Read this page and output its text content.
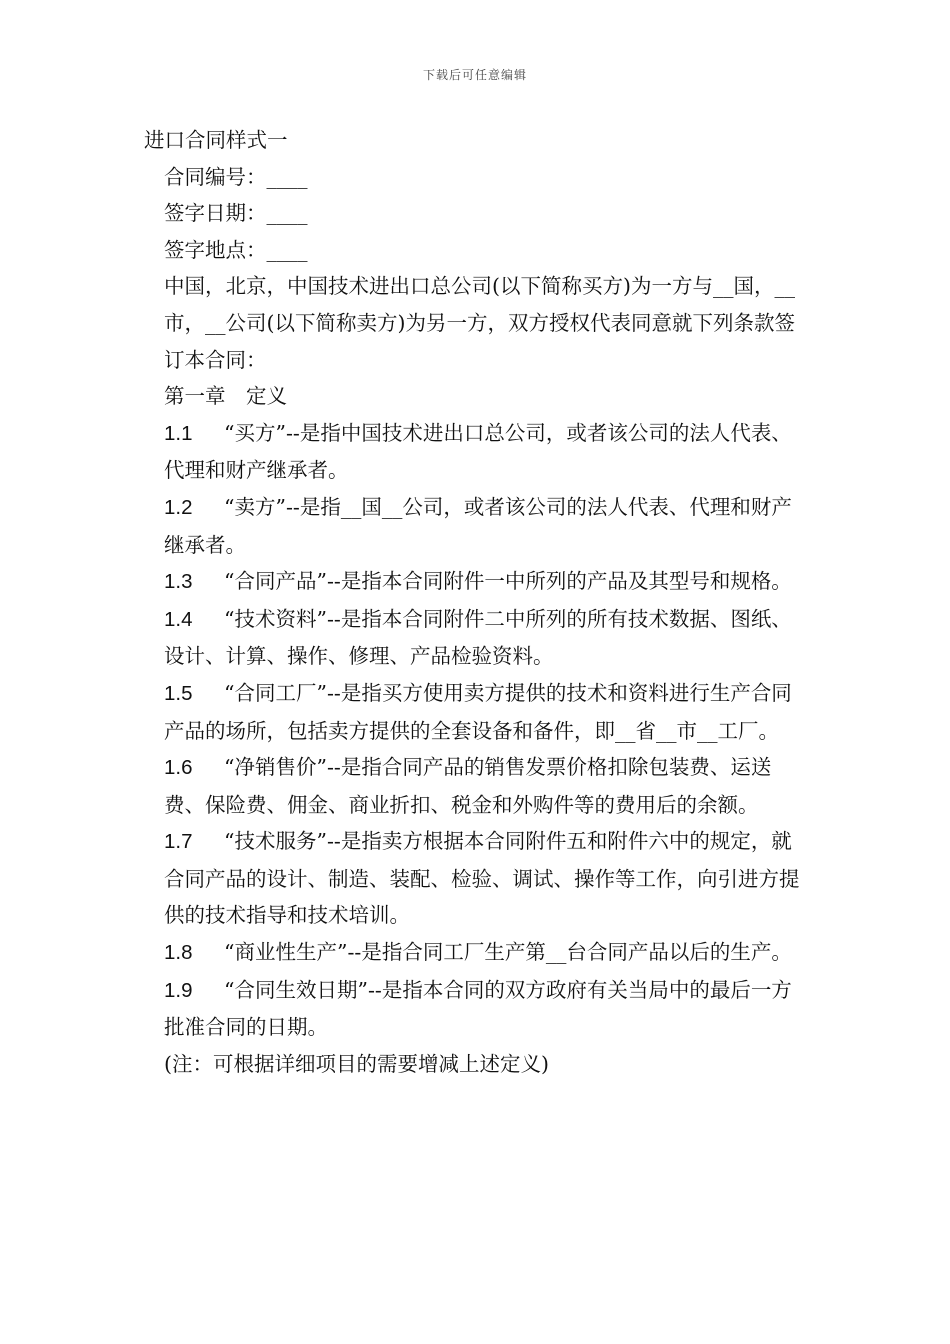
下载后可任意编辑

进口合同样式一

合同编号：____

签字日期：____

签字地点：____

中国，北京，中国技术进出口总公司(以下简称买方)为一方与__国，__市，__公司(以下简称卖方)为另一方，双方授权代表同意就下列条款签订本合同：

第一章　定义

1.1 “买方”--是指中国技术进出口总公司，或者该公司的法人代表、代理和财产继承者。

1.2 “卖方”--是指__国__公司，或者该公司的法人代表、代理和财产继承者。

1.3 “合同产品”--是指本合同附件一中所列的产品及其型号和规格。

1.4 “技术资料”--是指本合同附件二中所列的所有技术数据、图纸、设计、计算、操作、修理、产品检验资料。

1.5 “合同工厂”--是指买方使用卖方提供的技术和资料进行生产合同产品的场所，包括卖方提供的全套设备和备件，即__省__市__工厂。

1.6 “净销售价”--是指合同产品的销售发票价格扣除包装费、运送费、保险费、佣金、商业折扣、税金和外购件等的费用后的余额。

1.7 “技术服务”--是指卖方根据本合同附件五和附件六中的规定，就合同产品的设计、制造、装配、检验、调试、操作等工作，向引进方提供的技术指导和技术培训。

1.8 “商业性生产”--是指合同工厂生产第__台合同产品以后的生产。

1.9 “合同生效日期”--是指本合同的双方政府有关当局中的最后一方批准合同的日期。

(注：可根据详细项目的需要增减上述定义)
